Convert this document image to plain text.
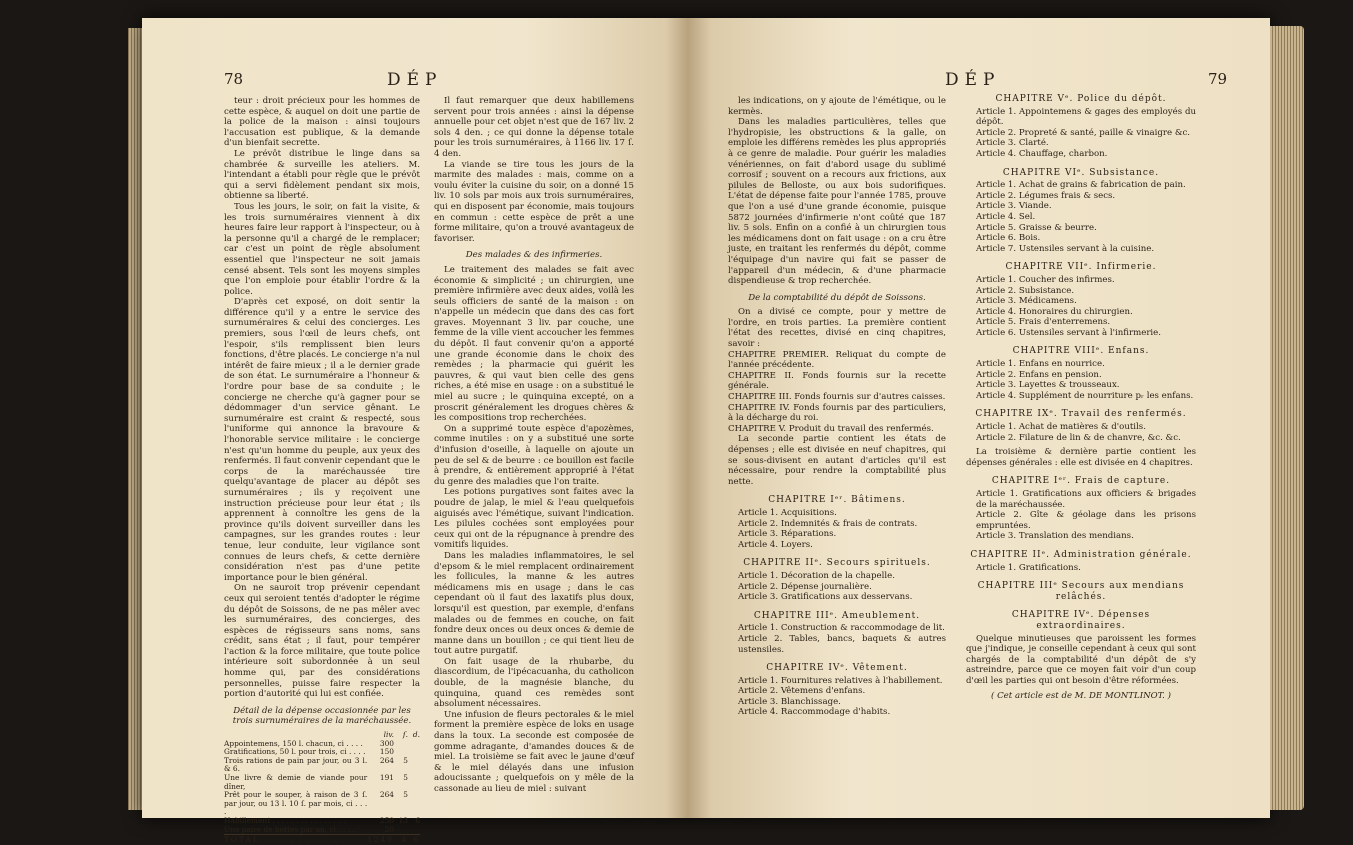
78	DÉP

teur : droit précieux pour les hommes de cette espèce, & auquel on doit une partie de la police de la maison : ainsi toujours l'accusation est publique, & la demande d'un bienfait secrette.

Le prévôt distribue le linge dans sa chambrée & surveille les ateliers. M. l'intendant a établi pour règle que le prévôt qui a servi fidèlement pendant six mois, obtienne sa liberté.

Tous les jours, le soir, on fait la visite, & les trois surnuméraires viennent à dix heures faire leur rapport à l'inspecteur, ou à la personne qu'il a chargé de le remplacer; car c'est un point de règle absolument essentiel que l'inspecteur ne soit jamais censé absent. Tels sont les moyens simples que l'on emploie pour établir l'ordre & la police.

D'après cet exposé, on doit sentir la différence qu'il y a entre le service des surnuméraires & celui des concierges. Les premiers, sous l'œil de leurs chefs, ont l'espoir, s'ils remplissent bien leurs fonctions, d'être placés. Le concierge n'a nul intérêt de faire mieux ; il a le dernier grade de son état. Le surnuméraire a l'honneur & l'ordre pour base de sa conduite ; le concierge ne cherche qu'à gagner pour se dédommager d'un service gênant. Le surnuméraire est craint & respecté, sous l'uniforme qui annonce la bravoure & l'honorable service militaire : le concierge n'est qu'un homme du peuple, aux yeux des renfermés. Il faut convenir cependant que le corps de la maréchaussée tire quelqu'avantage de placer au dépôt ses surnuméraires ; ils y reçoivent une instruction précieuse pour leur état ; ils apprennent à connoître les gens de la province qu'ils doivent surveiller dans les campagnes, sur les grandes routes : leur tenue, leur conduite, leur vigilance sont connues de leurs chefs, & cette dernière considération n'est pas d'une petite importance pour le bien général.

On ne sauroit trop prévenir cependant ceux qui seroient tentés d'adopter le régime du dépôt de Soissons, de ne pas mêler avec les surnuméraires, des concierges, des espèces de régisseurs sans noms, sans crédit, sans état ; il faut, pour tempérer l'action & la force militaire, que toute police intérieure soit subordonnée à un seul homme qui, par des considérations personnelles, puisse faire respecter la portion d'autorité qui lui est confiée.

Détail de la dépense occasionnée par les trois surnuméraires de la maréchaussée.

	liv.	ſ.	d.
Appointemens, 150 l. chacun, ci . . . .	300		
Gratifications, 50 l. pour trois, ci . . . .	150		
Trois rations de pain par jour, ou 3 l. & 6.	264	5	
Une livre & demie de viande pour dîner,	191	5	
Prêt pour le souper, à raison de 3 ſ. par jour, ou 13 l. 10 ſ. par mois, ci . . . .	264	5	
Habillement . . . . . . . . . . . . . . . .	250	13	6
Une paire de bottes par an, ci . . . .	20		
TOTAL . . . . . . . . . .	1240	4	6

Il faut remarquer que deux habillemens servent pour trois années : ainsi la dépense annuelle pour cet objet n'est que de 167 liv. 2 sols 4 den. ; ce qui donne la dépense totale pour les trois surnuméraires, à 1166 liv. 17 ſ. 4 den.

La viande se tire tous les jours de la marmite des malades : mais, comme on a voulu éviter la cuisine du soir, on a donné 15 liv. 10 sols par mois aux trois surnuméraires, qui en disposent par économie, mais toujours en commun : cette espèce de prêt a une forme militaire, qu'on a trouvé avantageux de favoriser.

Des malades & des infirmeries.

Le traitement des malades se fait avec économie & simplicité ; un chirurgien, une première infirmière avec deux aides, voilà les seuls officiers de santé de la maison : on n'appelle un médecin que dans des cas fort graves. Moyennant 3 liv. par couche, une femme de la ville vient accoucher les femmes du dépôt. Il faut convenir qu'on a apporté une grande économie dans le choix des remèdes ; la pharmacie qui guérit les pauvres, & qui vaut bien celle des gens riches, a été mise en usage : on a substitué le miel au sucre ; le quinquina excepté, on a proscrit généralement les drogues chères & les compositions trop recherchées.

On a supprimé toute espèce d'apozèmes, comme inutiles : on y a substitué une sorte d'infusion d'oseille, à laquelle on ajoute un peu de sel & de beurre : ce bouillon est facile à prendre, & entièrement approprié à l'état du genre des maladies que l'on traite.

Les potions purgatives sont faites avec la poudre de jalap, le miel & l'eau quelquefois aiguisés avec l'émétique, suivant l'indication. Les pilules cochées sont employées pour ceux qui ont de la répugnance à prendre des vomitifs liquides.

Dans les maladies inflammatoires, le sel d'epsom & le miel remplacent ordinairement les follicules, la manne & les autres médicamens mis en usage ; dans le cas cependant où il faut des laxatifs plus doux, lorsqu'il est question, par exemple, d'enfans malades ou de femmes en couche, on fait fondre deux onces ou deux onces & demie de manne dans un bouillon ; ce qui tient lieu de tout autre purgatif.

On fait usage de la rhubarbe, du diascordium, de l'ipécacuanha, du catholicon double, de la magnésie blanche, du quinquina, quand ces remèdes sont absolument nécessaires.

Une infusion de fleurs pectorales & le miel forment la première espèce de loks en usage dans la toux. La seconde est composée de gomme adragante, d'amandes douces & de miel. La troisième se fait avec le jaune d'œuf & le miel délayés dans une infusion adoucissante ; quelquefois on y mêle de la cassonade au lieu de miel : suivant

DÉP	79

les indications, on y ajoute de l'émétique, ou le kermès.

Dans les maladies particulières, telles que l'hydropisie, les obstructions & la galle, on emploie les différens remèdes les plus appropriés à ce genre de maladie. Pour guérir les maladies vénériennes, on fait d'abord usage du sublimé corrosif ; souvent on a recours aux frictions, aux pilules de Belloste, ou aux bois sudorifiques. L'état de dépense faite pour l'année 1785, prouve que l'on a usé d'une grande économie, puisque 5872 journées d'infirmerie n'ont coûté que 187 liv. 5 sols. Enfin on a confié à un chirurgien tous les médicamens dont on fait usage : on a cru être juste, en traitant les renfermés du dépôt, comme l'équipage d'un navire qui fait se passer de l'appareil d'un médecin, & d'une pharmacie dispendieuse & trop recherchée.

De la comptabilité du dépôt de Soissons.

On a divisé ce compte, pour y mettre de l'ordre, en trois parties. La première contient l'état des recettes, divisé en cinq chapitres, savoir :

CHAPITRE PREMIER. Reliquat du compte de l'année précédente.

CHAPITRE II. Fonds fournis sur la recette générale.

CHAPITRE III. Fonds fournis sur d'autres caisses.

CHAPITRE IV. Fonds fournis par des particuliers, à la décharge du roi.

CHAPITRE V. Produit du travail des renfermés.

La seconde partie contient les états de dépenses ; elle est divisée en neuf chapitres, qui se sous-divisent en autant d'articles qu'il est nécessaire, pour rendre la comptabilité plus nette.

CHAPITRE Iᵉʳ. Bâtimens.

Article 1. Acquisitions.

Article 2. Indemnités & frais de contrats.

Article 3. Réparations.

Article 4. Loyers.

CHAPITRE IIᵉ. Secours spirituels.

Article 1. Décoration de la chapelle.

Article 2. Dépense journalière.

Article 3. Gratifications aux desservans.

CHAPITRE IIIᵉ. Ameublement.

Article 1. Construction & raccommodage de lit.

Article 2. Tables, bancs, baquets & autres ustensiles.

CHAPITRE IVᵉ. Vêtement.

Article 1. Fournitures relatives à l'habillement.

Article 2. Vêtemens d'enfans.

Article 3. Blanchissage.

Article 4. Raccommodage d'habits.

CHAPITRE Vᵉ. Police du dépôt.

Article 1. Appointemens & gages des employés du dépôt.

Article 2. Propreté & santé, paille & vinaigre &c.

Article 3. Clarté.

Article 4. Chauffage, charbon.

CHAPITRE VIᵉ. Subsistance.

Article 1. Achat de grains & fabrication de pain.

Article 2. Légumes frais & secs.

Article 3. Viande.

Article 4. Sel.

Article 5. Graisse & beurre.

Article 6. Bois.

Article 7. Ustensiles servant à la cuisine.

CHAPITRE VIIᵉ. Infirmerie.

Article 1. Coucher des infirmes.

Article 2. Subsistance.

Article 3. Médicamens.

Article 4. Honoraires du chirurgien.

Article 5. Frais d'enterremens.

Article 6. Ustensiles servant à l'infirmerie.

CHAPITRE VIIIᵉ. Enfans.

Article 1. Enfans en nourrice.

Article 2. Enfans en pension.

Article 3. Layettes & trousseaux.

Article 4. Supplément de nourriture pᵣ les enfans.

CHAPITRE IXᵉ. Travail des renfermés.

Article 1. Achat de matières & d'outils.

Article 2. Filature de lin & de chanvre, &c. &c.

La troisième & dernière partie contient les dépenses générales : elle est divisée en 4 chapitres.

CHAPITRE Iᵉʳ. Frais de capture.

Article 1. Gratifications aux officiers & brigades de la maréchaussée.

Article 2. Gîte & géolage dans les prisons empruntées.

Article 3. Translation des mendians.

CHAPITRE IIᵉ. Administration générale.

Article 1. Gratifications.

CHAPITRE IIIᵉ Secours aux mendians relâchés.

CHAPITRE IVᵉ. Dépenses extraordinaires.

Quelque minutieuses que paroissent les formes que j'indique, je conseille cependant à ceux qui sont chargés de la comptabilité d'un dépôt de s'y astreindre, parce que ce moyen fait voir d'un coup d'œil les parties qui ont besoin d'être réformées.

( Cet article est de M. DE MONTLINOT. )
